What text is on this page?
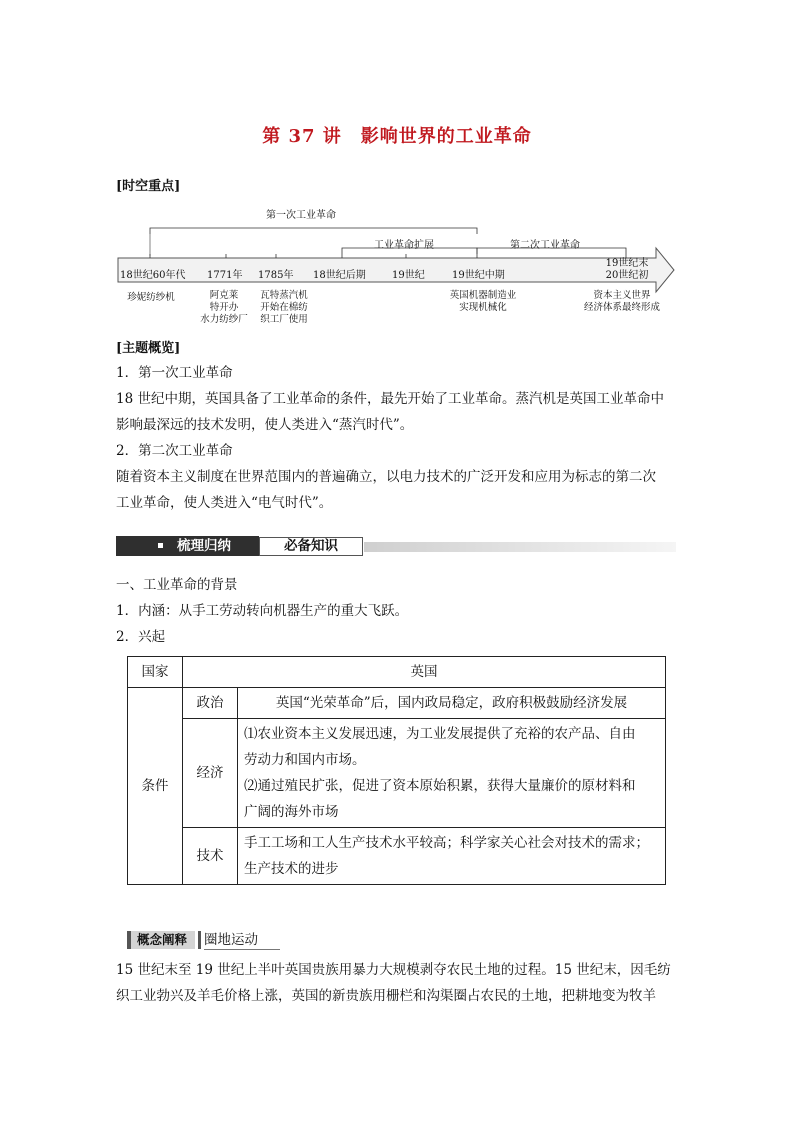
第 37 讲　影响世界的工业革命
[时空重点]
第一次工业革命
工业革命扩展	第二次工业革命
18世纪60年代 1771年 1785年 18世纪后期	19世纪	19世纪中期
19世纪末
20世纪初
珍妮纺纱机	阿克莱
特开办
水力纺纱厂
瓦特蒸汽机
开始在棉纺
织工厂使用
英国机器制造业
实现机械化
资本主义世界
经济体系最终形成
[主题概览]

1．第一次工业革命

18 世纪中期，英国具备了工业革命的条件，最先开始了工业革命。蒸汽机是英国工业革命中

影响最深远的技术发明，使人类进入“蒸汽时代”。

2．第二次工业革命

随着资本主义制度在世界范围内的普遍确立，以电力技术的广泛开发和应用为标志的第二次

工业革命，使人类进入“电气时代”。

梳理归纳	必备知识

一、工业革命的背景

1．内涵：从手工劳动转向机器生产的重大飞跃。

2．兴起

国家	英国	
条件	政治	英国“光荣革命”后，国内政局稳定，政府积极鼓励经济发展
	经济	⑴农业资本主义发展迅速，为工业发展提供了充裕的农产品、自由
劳动力和国内市场。
⑵通过殖民扩张，促进了资本原始积累，获得大量廉价的原材料和
广阔的海外市场

	技术	手工工场和工人生产技术水平较高；科学家关心社会对技术的需求；
生产技术的进步
概念阐释 圈地运动

15 世纪末至 19 世纪上半叶英国贵族用暴力大规模剥夺农民土地的过程。15 世纪末，因毛纺

织工业勃兴及羊毛价格上涨，英国的新贵族用栅栏和沟渠圈占农民的土地，把耕地变为牧羊
